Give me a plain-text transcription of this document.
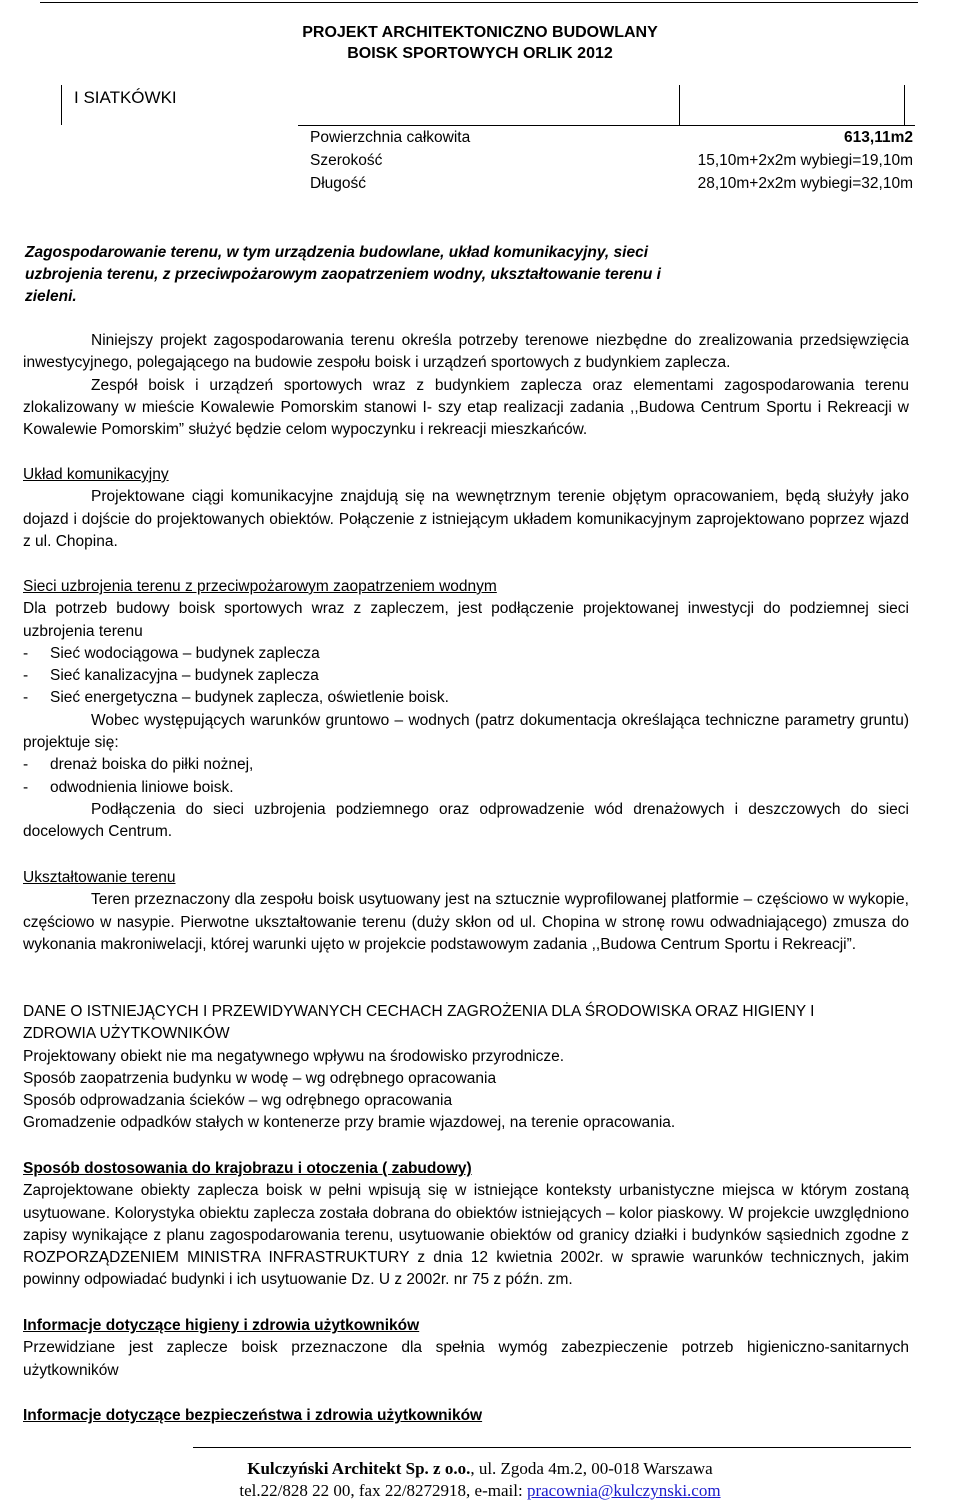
PROJEKT ARCHITEKTONICZNO BUDOWLANY
BOISK SPORTOWYCH ORLIK 2012
I SIATKÓWKI
Powierzchnia całkowita	613,11m2
Szerokość	15,10m+2x2m wybiegi=19,10m
Długość	28,10m+2x2m wybiegi=32,10m
Zagospodarowanie terenu, w tym urządzenia budowlane, układ komunikacyjny, sieci uzbrojenia terenu, z przeciwpożarowym zaopatrzeniem wodny, ukształtowanie terenu i zieleni.

Niniejszy projekt zagospodarowania terenu określa potrzeby terenowe niezbędne do zrealizowania przedsięwzięcia inwestycyjnego, polegającego na budowie zespołu boisk i urządzeń sportowych z budynkiem zaplecza.

Zespół boisk i urządzeń sportowych wraz z budynkiem zaplecza oraz elementami zagospodarowania terenu zlokalizowany w mieście Kowalewie Pomorskim stanowi I- szy etap realizacji zadania ,,Budowa Centrum Sportu i Rekreacji w Kowalewie Pomorskim” służyć będzie celom wypoczynku i rekreacji mieszkańców.

Układ komunikacyjny

Projektowane ciągi komunikacyjne znajdują się na wewnętrznym terenie objętym opracowaniem, będą służyły jako dojazd i dojście do projektowanych obiektów. Połączenie z istniejącym układem komunikacyjnym zaprojektowano poprzez wjazd z ul. Chopina.

Sieci uzbrojenia terenu z przeciwpożarowym zaopatrzeniem wodnym

Dla potrzeb budowy boisk sportowych wraz z zapleczem, jest podłączenie projektowanej inwestycji do podziemnej sieci uzbrojenia terenu

- Sieć wodociągowa – budynek zaplecza

- Sieć kanalizacyjna – budynek zaplecza

- Sieć energetyczna – budynek zaplecza, oświetlenie boisk.

Wobec występujących warunków gruntowo – wodnych (patrz dokumentacja określająca techniczne parametry gruntu) projektuje się:

- drenaż boiska do piłki nożnej,

- odwodnienia liniowe boisk.

Podłączenia do sieci uzbrojenia podziemnego oraz odprowadzenie wód drenażowych i deszczowych do sieci docelowych Centrum.

Ukształtowanie terenu

Teren przeznaczony dla zespołu boisk usytuowany jest na sztucznie wyprofilowanej platformie – częściowo w wykopie, częściowo w nasypie. Pierwotne ukształtowanie terenu (duży skłon od ul. Chopina w stronę rowu odwadniającego) zmusza do wykonania makroniwelacji, której warunki ujęto w projekcie podstawowym zadania ,,Budowa Centrum Sportu i Rekreacji”.

DANE O ISTNIEJĄCYCH I PRZEWIDYWANYCH CECHACH ZAGROŻENIA DLA ŚRODOWISKA ORAZ HIGIENY I ZDROWIA UŻYTKOWNIKÓW

Projektowany obiekt nie ma negatywnego wpływu na środowisko przyrodnicze.

Sposób zaopatrzenia budynku w wodę – wg odrębnego opracowania

Sposób odprowadzania ścieków – wg odrębnego opracowania

Gromadzenie odpadków stałych w kontenerze przy bramie wjazdowej, na terenie opracowania.

Sposób dostosowania do krajobrazu i otoczenia ( zabudowy)

Zaprojektowane obiekty zaplecza boisk w pełni wpisują się w istniejące konteksty urbanistyczne miejsca w którym zostaną usytuowane. Kolorystyka obiektu zaplecza została dobrana do obiektów istniejących – kolor piaskowy. W projekcie uwzględniono zapisy wynikające z planu zagospodarowania terenu, usytuowanie obiektów od granicy działki i budynków sąsiednich zgodne z ROZPORZĄDZENIEM MINISTRA INFRASTRUKTURY z dnia 12 kwietnia 2002r. w sprawie warunków technicznych, jakim powinny odpowiadać budynki i ich usytuowanie Dz. U z 2002r. nr 75 z późn. zm.

Informacje dotyczące higieny i zdrowia użytkowników

Przewidziane jest zaplecze boisk przeznaczone dla spełnia wymóg zabezpieczenie potrzeb higieniczno-sanitarnych użytkowników

Informacje dotyczące bezpieczeństwa i zdrowia użytkowników

Kulczyński Architekt Sp. z o.o., ul. Zgoda 4m.2, 00-018 Warszawa
tel.22/828 22 00, fax 22/8272918, e-mail: pracownia@kulczynski.com
